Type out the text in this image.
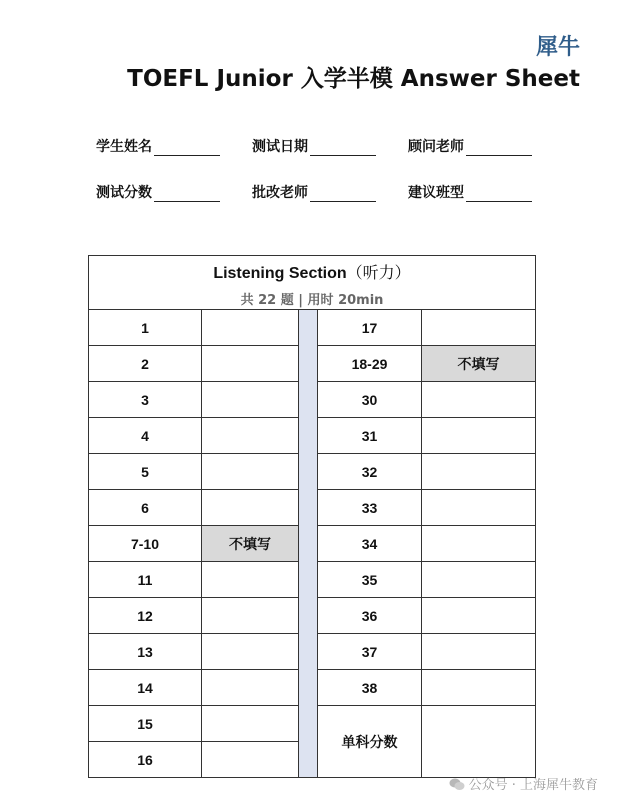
犀牛
TOEFL Junior 入学半模 Answer Sheet
学生姓名	测试日期	顾问老师
测试分数	批改老师	建议班型
Listening Section（听力）
共 22 题 | 用时 20min				

1			17	
2			18-29	不填写
3			30	
4			31	
5			32	
6			33	
7-10	不填写		34	
11			35	
12			36	
13			37	
14			38	
15			单科分数	
16				
公众号 · 上海犀牛教育
